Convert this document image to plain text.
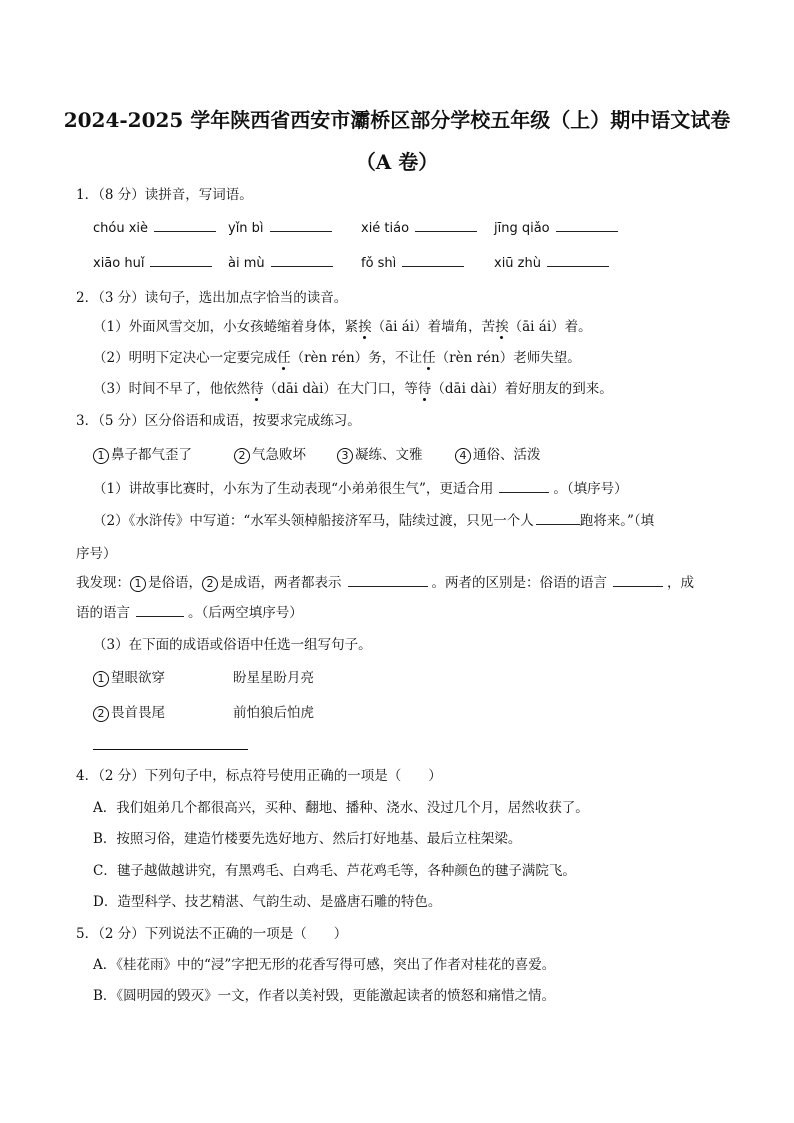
2024-2025 学年陕西省西安市灞桥区部分学校五年级（上）期中语文试卷
（A 卷）
1．（8 分）读拼音，写词语。
chóu xiè	yǐn bì	xié tiáo	jīng qiǎo
xiāo huǐ	ài mù	fǒ shì	xiū zhù
2．（3 分）读句子，选出加点字恰当的读音。
（1）外面风雪交加，小女孩蜷缩着身体，紧挨（āi ái）着墙角，苦挨（āi ái）着。
（2）明明下定决心一定要完成任（rèn rén）务，不让任（rèn rén）老师失望。
（3）时间不早了，他依然待（dāi dài）在大门口，等待（dāi dài）着好朋友的到来。
3．（5 分）区分俗语和成语，按要求完成练习。
1 鼻子都气歪了	2 气急败坏	3 凝练、文雅	4 通俗、活泼
（1）讲故事比赛时，小东为了生动表现“小弟弟很生气”，更适合用	。（填序号）
（2）《水浒传》中写道：“水军头领棹船接济军马，陆续过渡，只见一个人	跑将来。”（填
序号）
我发现： 1 是俗语， 2 是成语，两者都表示	。两者的区别是：俗语的语言	，成
语的语言	。（后两空填序号）
（3）在下面的成语或俗语中任选一组写句子。
1 望眼欲穿	盼星星盼月亮
2 畏首畏尾	前怕狼后怕虎
4．（2 分）下列句子中，标点符号使用正确的一项是（　　）
A．我们姐弟几个都很高兴，买种、翻地、播种、浇水、没过几个月，居然收获了。
B．按照习俗，建造竹楼要先选好地方、然后打好地基、最后立柱架梁。
C．毽子越做越讲究，有黑鸡毛、白鸡毛、芦花鸡毛等，各种颜色的毽子满院飞。
D．造型科学、技艺精湛、气韵生动、是盛唐石雕的特色。
5．（2 分）下列说法不正确的一项是（　　）
A．《桂花雨》中的“浸”字把无形的花香写得可感，突出了作者对桂花的喜爱。
B．《圆明园的毁灭》一文，作者以美衬毁，更能激起读者的愤怒和痛惜之情。
